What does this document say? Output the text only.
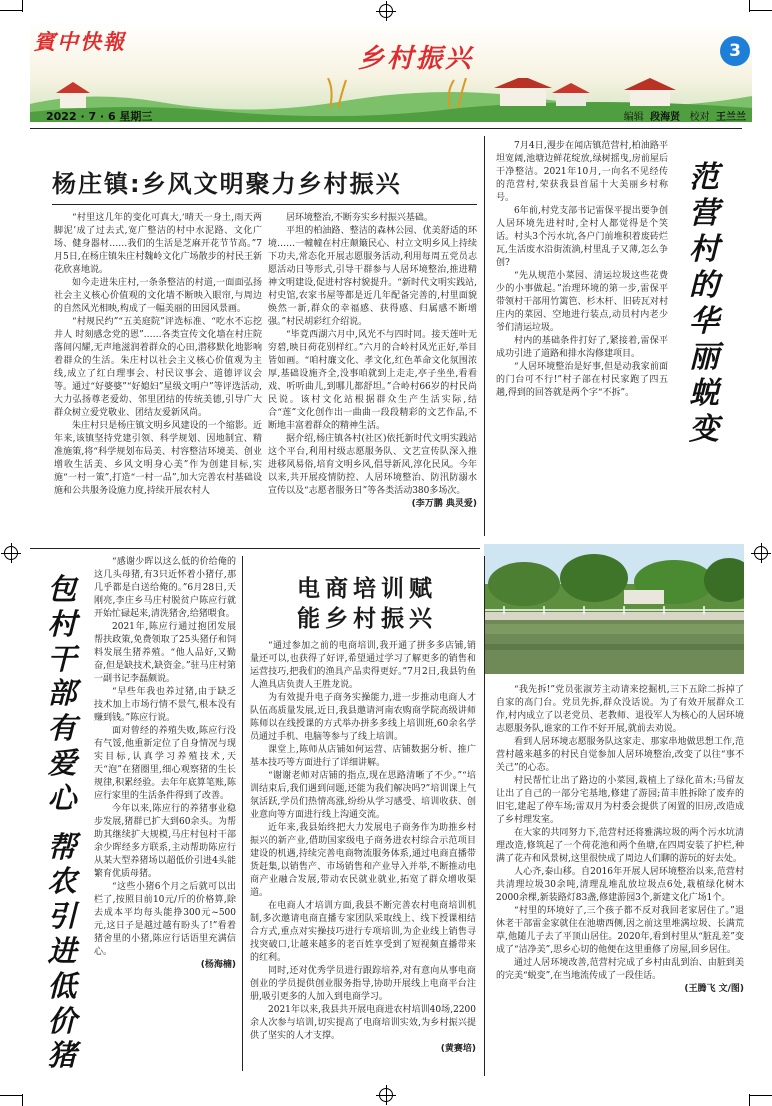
賓中快報
乡村振兴	3
2022 · 7 · 6 星期三	编辑 段海贤 校对 王兰兰
杨庄镇:乡风文明聚力乡村振兴

“村里这几年的变化可真大,‘晴天一身土,雨天两脚泥’成了过去式,宽广整洁的村中水泥路、文化广场、健身器材……我们的生活是芝麻开花节节高。”7月5日,在杨庄镇朱庄村魏岭文化广场散步的村民王新花欣喜地说。

如今走进朱庄村,一条条整洁的村道,一面面弘扬社会主义核心价值观的文化墙不断映入眼帘,与周边的自然风光相映,构成了一幅美丽的田园风景画。

“村规民约”“五美庭院”评选标准、“吃水不忘挖井人 时刻感念党的恩”……各类宣传文化墙在村庄院落间闪耀,无声地滋润着群众的心田,潜移默化地影响着群众的生活。朱庄村以社会主义核心价值观为主线,成立了红白理事会、村民议事会、道德评议会等。通过“好婆婆”“好媳妇”星级文明户”等评选活动,大力弘扬尊老爱幼、邻里团结的传统美德,引导广大群众树立爱党敬业、团结友爱新风尚。

朱庄村只是杨庄镇文明乡风建设的一个缩影。近年来,该镇坚持党建引领、科学规划、因地制宜、精准施策,将“科学规划布局美、村容整洁环境美、创业增收生活美、乡风文明身心美”作为创建目标,实施“一村一策”,打造“一村一品”,加大完善农村基础设施和公共服务设施力度,持续开展农村人

居环境整治,不断夯实乡村振兴基础。

平坦的柏油路、整洁的森林公园、优美舒适的环境……一幢幢在村庄颠簸民心、村立文明乡风上持续下功夫,常态化开展志愿服务活动,利用每周五党员志愿活动日等形式,引导干群参与人居环境整治,推进精神文明建设,促进村容村貌提升。“新时代文明实践站,村史馆,农家书屋等都是近几年配备完善的,村里面貌焕然一新,群众的幸福感、获得感、归属感不断增强。”村民胡彩红介绍说。

“毕竟西湖六月中,风光不与四时同。接天莲叶无穷碧,映日荷花别样红。”六月的合岭村风光正好,举目皆如画。“咱村廉文化、孝文化,红色革命文化氛围浓厚,基础设施齐全,没事咱就到上走走,亭子坐坐,看看戏、听听曲儿,到哪儿都舒坦。”合岭村66岁的村民尚民说。该村文化站根据群众生产生活实际,结合“莲”文化创作出一曲曲一段段精彩的文艺作品,不断地丰富着群众的精神生活。

据介绍,杨庄镇各村(社区)依托新时代文明实践站这个平台,利用村级志愿服务队、文艺宣传队深入推进移风易俗,培育文明乡风,倡导新风,淳化民风。今年以来,共开展疫情防控、人居环境整治、防汛防溺水宣传以及“志愿者服务日”等各类活动380多场次。

(李万鹏 典灵爱)

7月4日,漫步在闻店镇范营村,柏油路平坦宽阔,池塘边鲜花绽放,绿树摇曳,房前屋后干净整洁。2021年10月,一向名不见经传的范营村,荣获我县首届十大美丽乡村称号。

6年前,村党支部书记雷保平提出要争创人居环境先进村时,全村人都觉得是个笑话。村头3个污水坑,各户门前堆积着废砖烂瓦,生活废水沿街流淌,村里乱子又薄,怎么争创?

“先从规范小菜园、清运垃圾这些花费少的小事做起。”治理环境的第一步,雷保平带领村干部用竹篱笆、杉木杆、旧砖瓦对村庄内的菜园、空地进行装点,动员村内老少爷们清运垃圾。

村内的基础条件打好了,紧接着,雷保平成功引进了道路和排水沟修建项目。

“人居环境整治是好事,但是动我家前面的门台可不行!”村子部在村民家跑了四五趟,得到的回答就是两个字“不拆”。

范
营
村
的
华
丽
蜕
变

“我先拆!”党员张淑芳主动请来挖掘机,三下五除二拆掉了自家的高门台。党员先拆,群众没话说。为了有效开展群众工作,村内成立了以老党员、老教师、退役军人为核心的人居环境志愿服务队,谁家的工作不好开展,就前去劝说。

看到人居环境志愿服务队这家走、那家串地做思想工作,范营村越来越多的村民自觉参加人居环境整治,改变了以往“事不关己”的心态。

村民帮忙让出了路边的小菜园,栽植上了绿化苗木;马留友让出了自己的一部分宅基地,修建了游园;苗丰胜拆除了废弃的旧宅,建起了停车场;雷双月为村委会提供了闲置的旧房,改造成了乡村理发室。

在大家的共同努力下,范营村还将雅满垃圾的两个污水坑清理改造,修筑起了一个荷花池和两个鱼塘,在四周安装了护栏,种满了花卉和风景树,这里很快成了周边人们聊的游玩的好去处。

人心齐,泰山移。自2016年开展人居环境整治以来,范营村共清理垃圾30余吨,清理乱堆乱放垃圾点6处,栽植绿化树木2000余棵,新装路灯83盏,修建游园3个,新建文化广场1个。

“村里的环境好了,三个孩子都不反对我回老家居住了。”退休老干部雷金家就住在池塘西侧,因之前这里堆满垃圾、长满荒草,他随儿子去了平顶山居住。2020年,看到村里从“脏乱差”变成了“洁净美”,思乡心切的他便在这里重修了房屋,回乡居住。

通过人居环境改善,范营村完成了乡村由乱到治、由脏到美的完美“蜕变”,在当地流传成了一段佳话。

(王腾飞 文/图)
包
村
干
部
有
爱
心
帮
农
引
进
低
价
猪

“感谢少晖以这么低的价给俺的这几头母猪,有3只近怀着小猪仔,那几乎都是白送给俺的。”6月28日,天刚亮,李庄乡马庄村脱贫户陈应行就开始忙碌起来,清洗猪舍,给猪喂食。

2021年,陈应行通过抱团发展帮扶政策,免费领取了25头猪仔和饲料发展生猪养殖。“他人品好,又勤奋,但是缺技术,缺资金。”驻马庄村第一副书记李磊颇说。

“早些年我也养过猪,由于缺乏技术加上市场行情不景气,根本没有赚到钱。”陈应行说。

面对曾经的养殖失败,陈应行没有气馁,他重新定位了自身情况与现实目标,认真学习养殖技术,天天“泡”在猪圈里,细心观察猪的生长规律,积累经验。去年年底算笔账,陈应行家里的生活条件得到了改善。

今年以来,陈应行的养猪事业稳步发展,猪群已扩大到60余头。为帮助其继续扩大规模,马庄村包村干部余少晖经多方联系,主动帮助陈应行从某大型养猪场以超低价引进4头能繁育优质母猪。

“这些小猪6个月之后就可以出栏了,按照目前10元/斤的价格算,除去成本平均每头能挣300元~500元,这日子是越过越有盼头了!”看着猪舍里的小猪,陈应行话语里充满信心。

(杨海楠)
电商培训赋
能乡村振兴

“通过参加之前的电商培训,我开通了拼多多店铺,销量还可以,也获得了好评,希望通过学习了解更多的销售和运营技巧,把我们的渔具产品卖得更好。”7月2日,我县钓鱼人渔具店负责人王胜龙说。

为有效提升电子商务实操能力,进一步推动电商人才队伍高质量发展,近日,我县邀请河南农购商学院高级讲师陈师以在线授课的方式举办拼多多线上培训班,60余名学员通过手机、电脑等参与了线上培训。

课堂上,陈师从店铺如何运营、店铺数据分析、推广基本技巧等方面进行了详细讲解。

“谢谢老师对店铺的指点,现在思路清晰了不少。”“培训结束后,我们遇到问题,还能为我们解决吗?”培训课上气氛活跃,学员们热情高涨,纷纷从学习感受、培训收获、创业意向等方面进行线上沟通交流。

近年来,我县始终把大力发展电子商务作为助推乡村振兴的新产业,借助国家级电子商务进农村综合示范项目建设的机遇,持续完善电商物流服务体系,通过电商直播带货赶集,以销售产、市场销售和产业导入并举,不断推动电商产业融合发展,带动农民就业就业,拓宽了群众增收渠道。

在电商人才培训方面,我县不断完善农村电商培训机制,多次邀请电商直播专家团队采取线上、线下授课相结合方式,重点对实操技巧进行专项培训,为企业线上销售寻找突破口,让越来越多的老百姓享受到了短视频直播带来的红利。

同时,还对优秀学员进行跟踪培养,对有意向从事电商创业的学员提供创业服务指导,协助开展线上电商平台注册,吸引更多的人加入到电商学习。

2021年以来,我县共开展电商进农村培训40场,2200余人次参与培训,切实提高了电商培训实效,为乡村振兴提供了坚实的人才支撑。

(黄赛培)
